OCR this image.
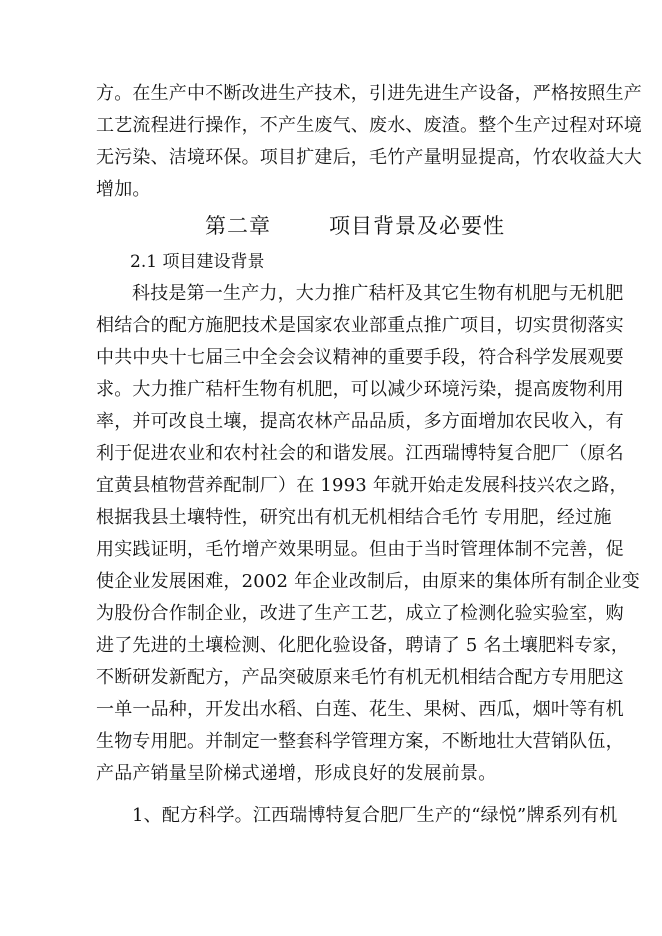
方。在生产中不断改进生产技术，引进先进生产设备，严格按照生产
工艺流程进行操作，不产生废气、废水、废渣。整个生产过程对环境
无污染、洁境环保。项目扩建后，毛竹产量明显提高，竹农收益大大
增加。
第二章	项目背景及必要性
2.1 项目建设背景
科技是第一生产力，大力推广秸杆及其它生物有机肥与无机肥
相结合的配方施肥技术是国家农业部重点推广项目，切实贯彻落实
中共中央十七届三中全会会议精神的重要手段，符合科学发展观要
求。大力推广秸杆生物有机肥，可以减少环境污染，提高废物利用
率，并可改良土壤，提高农林产品品质，多方面增加农民收入，有
利于促进农业和农村社会的和谐发展。江西瑞博特复合肥厂（原名
宜黄县植物营养配制厂）在 1993 年就开始走发展科技兴农之路，
根据我县土壤特性，研究出有机无机相结合毛竹 专用肥，经过施
用实践证明，毛竹增产效果明显。但由于当时管理体制不完善，促
使企业发展困难，2002 年企业改制后，由原来的集体所有制企业变
为股份合作制企业，改进了生产工艺，成立了检测化验实验室，购
进了先进的土壤检测、化肥化验设备，聘请了 5 名土壤肥料专家，
不断研发新配方，产品突破原来毛竹有机无机相结合配方专用肥这
一单一品种，开发出水稻、白莲、花生、果树、西瓜，烟叶等有机
生物专用肥。并制定一整套科学管理方案，不断地壮大营销队伍，
产品产销量呈阶梯式递增，形成良好的发展前景。
1、配方科学。江西瑞博特复合肥厂生产的“绿悦”牌系列有机
